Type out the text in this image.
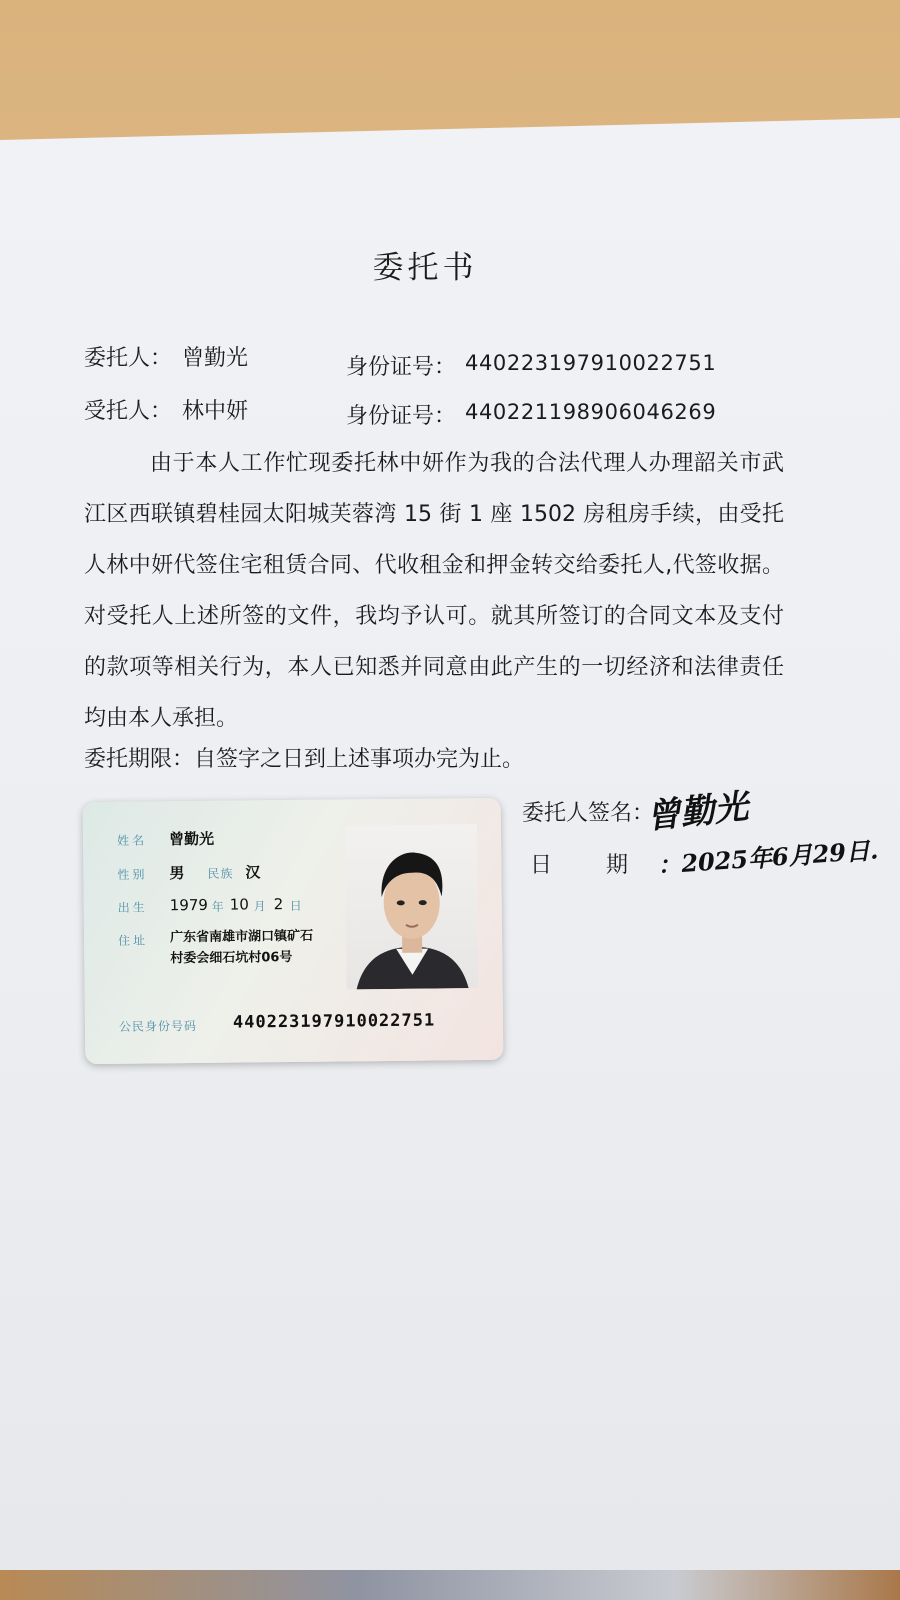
委托书
委托人： 曾勤光	身份证号： 440223197910022751
受托人： 林中妍	身份证号： 440221198906046269

由于本人工作忙现委托林中妍作为我的合法代理人办理韶关市武江区西联镇碧桂园太阳城芙蓉湾 15 街 1 座 1502 房租房手续，由受托人林中妍代签住宅租赁合同、代收租金和押金转交给委托人,代签收据。对受托人上述所签的文件，我均予认可。就其所签订的合同文本及支付的款项等相关行为，本人已知悉并同意由此产生的一切经济和法律责任均由本人承担。

委托期限：自签字之日到上述事项办完为止。
委托人签名：
曾勤光
日 期 ：2025年6月29日.
姓名 曾勤光
性别 男 民族 汉
出生 1979 年 10 月 2 日
住址 广东省南雄市湖口镇矿石
村委会细石坑村06号
公民身份号码 440223197910022751
